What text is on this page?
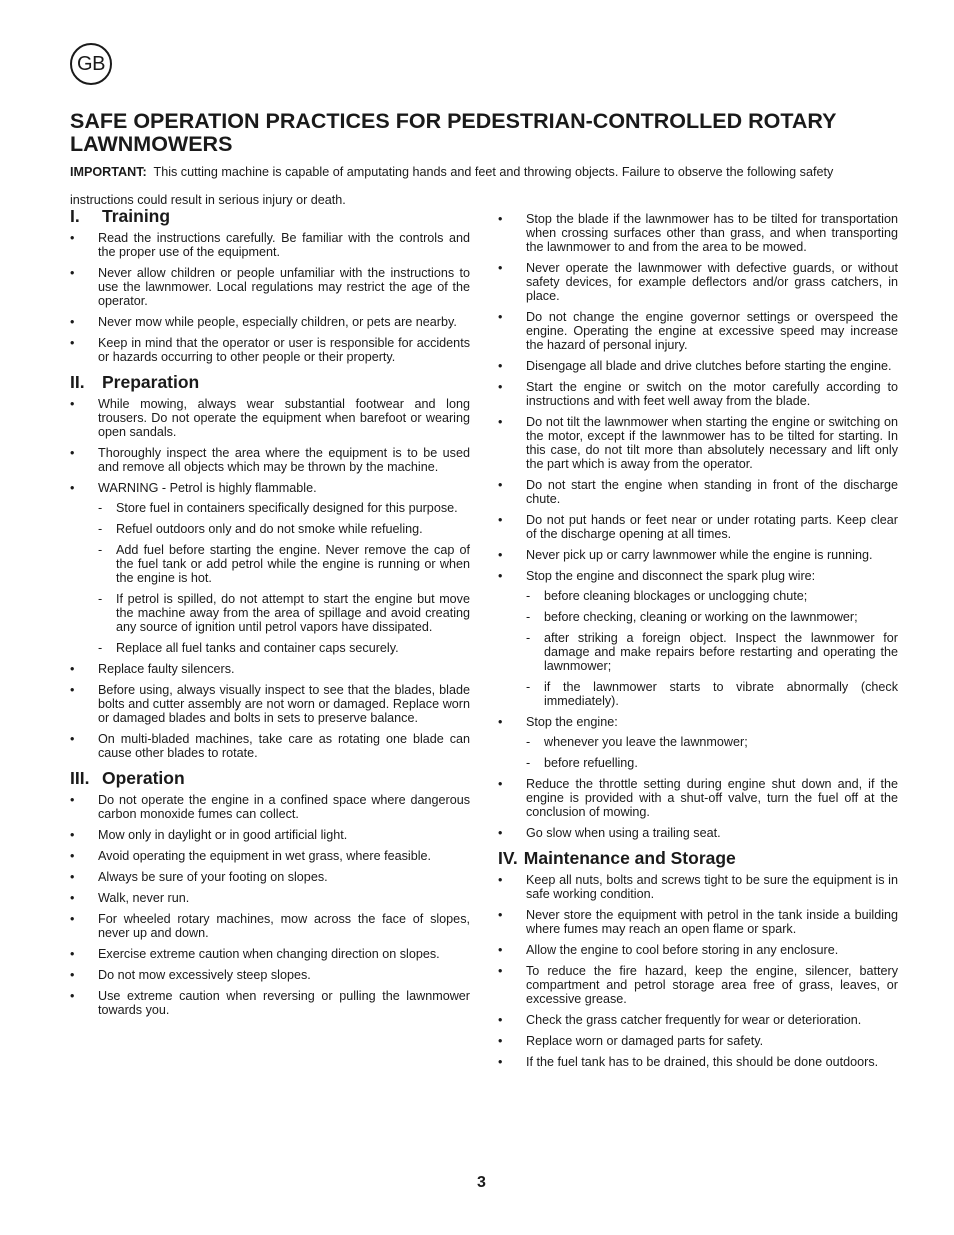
GB
SAFE OPERATION PRACTICES FOR PEDESTRIAN-CONTROLLED ROTARY LAWNMOWERS

IMPORTANT: This cutting machine is capable of amputating hands and feet and throwing objects. Failure to observe the following safety instructions could result in serious injury or death.

I.	Training
• Read the instructions carefully. Be familiar with the controls and the proper use of the equipment.
• Never allow children or people unfamiliar with the instructions to use the lawnmower. Local regulations may restrict the age of the operator.
• Never mow while people, especially children, or pets are nearby.
• Keep in mind that the operator or user is responsible for accidents or hazards occurring to other people or their property.
II. Preparation
• While mowing, always wear substantial footwear and long trousers. Do not operate the equipment when barefoot or wearing open sandals.
• Thoroughly inspect the area where the equipment is to be used and remove all objects which may be thrown by the machine.
• WARNING - Petrol is highly flammable.
- Store fuel in containers specifically designed for this purpose.
- Refuel outdoors only and do not smoke while refueling.
- Add fuel before starting the engine. Never remove the cap of the fuel tank or add petrol while the engine is running or when the engine is hot.
- If petrol is spilled, do not attempt to start the engine but move the machine away from the area of spillage and avoid creating any source of ignition until petrol vapors have dissipated.
- Replace all fuel tanks and container caps securely.
• Replace faulty silencers.
• Before using, always visually inspect to see that the blades, blade bolts and cutter assembly are not worn or damaged. Replace worn or damaged blades and bolts in sets to preserve balance.
• On multi-bladed machines, take care as rotating one blade can cause other blades to rotate.
III. Operation
• Do not operate the engine in a confined space where dangerous carbon monoxide fumes can collect.
• Mow only in daylight or in good artificial light.
• Avoid operating the equipment in wet grass, where feasible.
• Always be sure of your footing on slopes.
• Walk, never run.
• For wheeled rotary machines, mow across the face of slopes, never up and down.
• Exercise extreme caution when changing direction on slopes.
• Do not mow excessively steep slopes.
• Use extreme caution when reversing or pulling the lawnmower towards you.
• Stop the blade if the lawnmower has to be tilted for transportation when crossing surfaces other than grass, and when transporting the lawnmower to and from the area to be mowed.
• Never operate the lawnmower with defective guards, or without safety devices, for example deflectors and/or grass catchers, in place.
• Do not change the engine governor settings or overspeed the engine. Operating the engine at excessive speed may increase the hazard of personal injury.
• Disengage all blade and drive clutches before starting the engine.
• Start the engine or switch on the motor carefully according to instructions and with feet well away from the blade.
• Do not tilt the lawnmower when starting the engine or switching on the motor, except if the lawnmower has to be tilted for starting. In this case, do not tilt more than absolutely necessary and lift only the part which is away from the operator.
• Do not start the engine when standing in front of the discharge chute.
• Do not put hands or feet near or under rotating parts. Keep clear of the discharge opening at all times.
• Never pick up or carry lawnmower while the engine is running.
• Stop the engine and disconnect the spark plug wire:
- before cleaning blockages or unclogging chute;
- before checking, cleaning or working on the lawnmower;
- after striking a foreign object. Inspect the lawnmower for damage and make repairs before restarting and operating the lawnmower;
- if the lawnmower starts to vibrate abnormally (check immediately).
• Stop the engine:
- whenever you leave the lawnmower;
- before refuelling.
• Reduce the throttle setting during engine shut down and, if the engine is provided with a shut-off valve, turn the fuel off at the conclusion of mowing.
• Go slow when using a trailing seat.
IV. Maintenance and Storage
• Keep all nuts, bolts and screws tight to be sure the equipment is in safe working condition.
• Never store the equipment with petrol in the tank inside a building where fumes may reach an open flame or spark.
• Allow the engine to cool before storing in any enclosure.
• To reduce the fire hazard, keep the engine, silencer, battery compartment and petrol storage area free of grass, leaves, or excessive grease.
• Check the grass catcher frequently for wear or deterioration.
• Replace worn or damaged parts for safety.
• If the fuel tank has to be drained, this should be done outdoors.
3
